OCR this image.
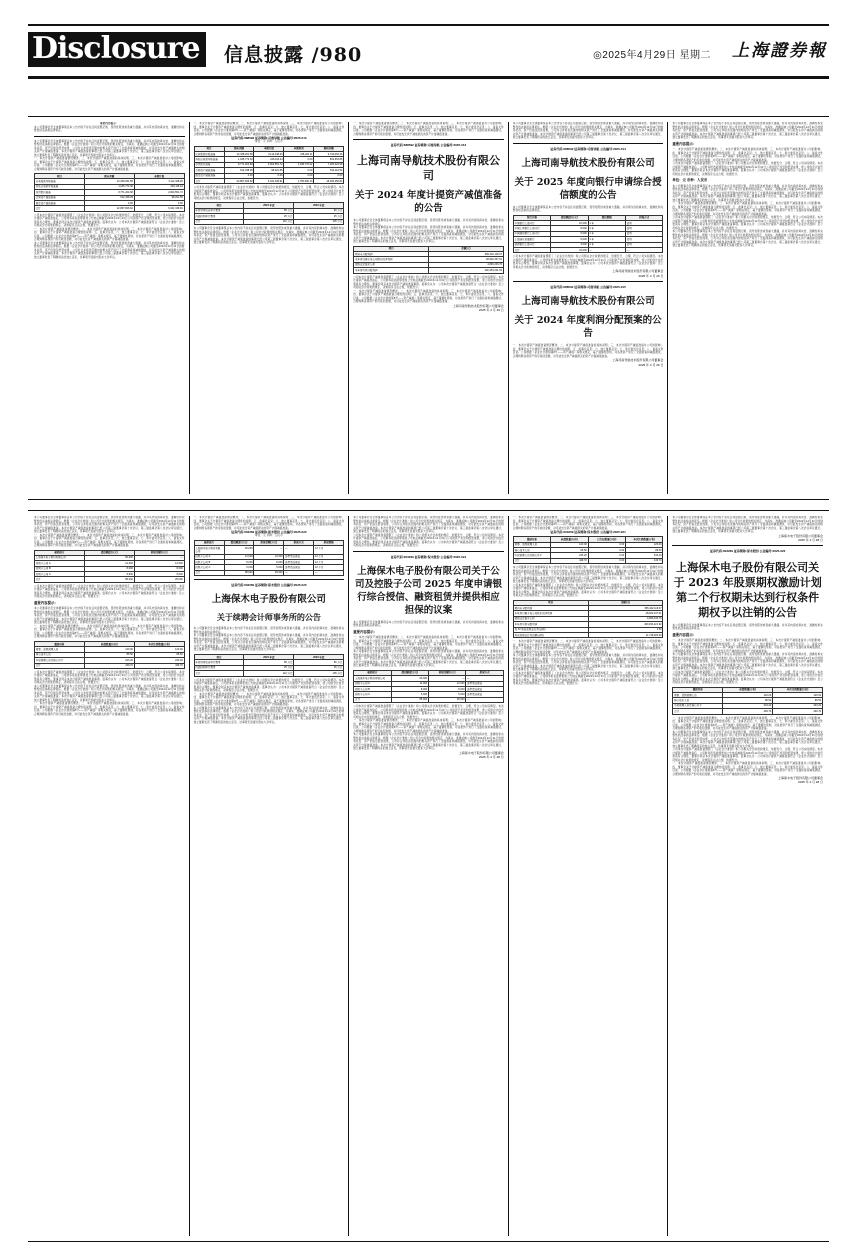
Disclosure	信息披露 /980	◎2025年4月29日 星期二 上海證券報
重要内容提示：
本公司董事会及全体董事保证本公告内容不存在任何虚假记载、误导性陈述或者重大遗漏，并对其内容的真实性、准确性和完整性依法承担法律责任。
本公司董事会及全体董事保证本公告内容不存在任何虚假记载、误导性陈述或者重大遗漏，并对其内容的真实性、准确性和完整性依法承担法律责任。根据《企业会计准则》和公司会计政策的相关规定，为真实、准确反映公司截至2024年12月31日的财务状况、资产价值及经营成果，公司对合并报表范围内的相关资产进行了全面清查和减值测试，对可能发生资产减值损失的相关资产计提减值准备。本次计提资产减值准备的事项已经公司第三届董事会第十次会议、第三届监事会第八次会议审议通过，独立董事发表了明确同意的独立意见，该事项无需提交股东大会审议。
一、本次计提资产减值准备情况概述；二、本次计提资产减值准备的具体说明；三、本次计提资产减值准备对公司的影响；四、董事会关于计提资产减值准备合理性的说明；五、监事会意见；六、独立董事意见；七、审计委员会意见；八、备查文件目录。公司根据《企业会计准则第8号——资产减值》等相关规定，基于谨慎性原则，对各类资产进行了全面检查和减值测试，合理判断各项资产的可收回金额，对可能发生资产减值损失的资产计提减值准备。
项目	期末余额	本期计提
应收账款坏账准备	12,438,291.55	3,112,448.20
其他应收款坏账准备	1,045,772.30	226,118.44
存货跌价准备	8,771,204.68	2,904,551.72
合同资产减值准备	612,338.09	98,221.55
固定资产减值准备	0.00	0.00
合计	22,867,606.62	6,341,339.91
公司本次计提资产减值准备遵照了《企业会计准则》和公司相关会计政策的规定，依据充分、合理，符合公司实际情况。本次计提资产减值准备后，公司财务报表能够更加公允地反映截至2024年12月31日公司的资产状况和经营成果，使公司的会计信息更具有合理性。董事会同意本次计提资产减值准备事项。监事会认为：公司本次计提资产减值准备符合《企业会计准则》及公司相关会计政策的规定，决策程序合法合规，依据充分。
一、本次计提资产减值准备情况概述；二、本次计提资产减值准备的具体说明；三、本次计提资产减值准备对公司的影响；四、董事会关于计提资产减值准备合理性的说明；五、监事会意见；六、独立董事意见；七、审计委员会意见；八、备查文件目录。公司根据《企业会计准则第8号——资产减值》等相关规定，基于谨慎性原则，对各类资产进行了全面检查和减值测试，合理判断各项资产的可收回金额，对可能发生资产减值损失的资产计提减值准备。
本公司董事会及全体董事保证本公告内容不存在任何虚假记载、误导性陈述或者重大遗漏，并对其内容的真实性、准确性和完整性依法承担法律责任。根据《企业会计准则》和公司会计政策的相关规定，为真实、准确反映公司截至2024年12月31日的财务状况、资产价值及经营成果，公司对合并报表范围内的相关资产进行了全面清查和减值测试，对可能发生资产减值损失的相关资产计提减值准备。本次计提资产减值准备的事项已经公司第三届董事会第十次会议、第三届监事会第八次会议审议通过，独立董事发表了明确同意的独立意见，该事项无需提交股东大会审议。
一、本次计提资产减值准备情况概述；二、本次计提资产减值准备的具体说明；三、本次计提资产减值准备对公司的影响；四、董事会关于计提资产减值准备合理性的说明；五、监事会意见；六、独立董事意见；七、审计委员会意见；八、备查文件目录。公司根据《企业会计准则第8号——资产减值》等相关规定，基于谨慎性原则，对各类资产进行了全面检查和减值测试，合理判断各项资产的可收回金额，对可能发生资产减值损失的资产计提减值准备。
证券代码:688592 证券简称:司南导航 公告编号:2025-013
单位：元 币种：人民币
项目	期末余额	本期计提	本期转回	期初余额
应收账款坏账准备	12,438,291.55	3,112,448.20	418,220.11	9,744,063.46
其他应收款坏账准备	1,045,772.30	226,118.44	0.00	819,653.86
存货跌价准备	8,771,204.68	2,904,551.72	1,338,770.02	7,205,422.98
合同资产减值准备	612,338.09	98,221.55	0.00	514,116.54
固定资产减值准备	0.00	0.00	0.00	0.00
合计	22,867,606.62	6,341,339.91	1,756,990.13	18,283,256.84
公司本次计提资产减值准备遵照了《企业会计准则》和公司相关会计政策的规定，依据充分、合理，符合公司实际情况。本次计提资产减值准备后，公司财务报表能够更加公允地反映截至2024年12月31日公司的资产状况和经营成果，使公司的会计信息更具有合理性。董事会同意本次计提资产减值准备事项。监事会认为：公司本次计提资产减值准备符合《企业会计准则》及公司相关会计政策的规定，决策程序合法合规，依据充分。
项目	2024 年度	2023 年度
年度财务报告审计费用	85 万元	80 万元
内部控制审计费用	25 万元	25 万元
合计	110 万元	105 万元
本公司董事会及全体董事保证本公告内容不存在任何虚假记载、误导性陈述或者重大遗漏，并对其内容的真实性、准确性和完整性依法承担法律责任。根据《企业会计准则》和公司会计政策的相关规定，为真实、准确反映公司截至2024年12月31日的财务状况、资产价值及经营成果，公司对合并报表范围内的相关资产进行了全面清查和减值测试，对可能发生资产减值损失的相关资产计提减值准备。本次计提资产减值准备的事项已经公司第三届董事会第十次会议、第三届监事会第八次会议审议通过，独立董事发表了明确同意的独立意见，该事项无需提交股东大会审议。
一、本次计提资产减值准备情况概述；二、本次计提资产减值准备的具体说明；三、本次计提资产减值准备对公司的影响；四、董事会关于计提资产减值准备合理性的说明；五、监事会意见；六、独立董事意见；七、审计委员会意见；八、备查文件目录。公司根据《企业会计准则第8号——资产减值》等相关规定，基于谨慎性原则，对各类资产进行了全面检查和减值测试，合理判断各项资产的可收回金额，对可能发生资产减值损失的资产计提减值准备。
证券代码:688592 证券简称:司南导航 公告编号:2025-013
上海司南导航技术股份有限公司
关于 2024 年度计提资产减值准备的公告
本公司董事会及全体董事保证本公告内容不存在任何虚假记载、误导性陈述或者重大遗漏，并对其内容的真实性、准确性和完整性依法承担法律责任。
本公司董事会及全体董事保证本公告内容不存在任何虚假记载、误导性陈述或者重大遗漏，并对其内容的真实性、准确性和完整性依法承担法律责任。根据《企业会计准则》和公司会计政策的相关规定，为真实、准确反映公司截至2024年12月31日的财务状况、资产价值及经营成果，公司对合并报表范围内的相关资产进行了全面清查和减值测试，对可能发生资产减值损失的相关资产计提减值准备。本次计提资产减值准备的事项已经公司第三届董事会第十次会议、第三届监事会第八次会议审议通过，独立董事发表了明确同意的独立意见，该事项无需提交股东大会审议。
项目	金额(元)
期初未分配利润	356,442,118.07
本年度归属于母公司股东的净利润	48,902,337.61
提取法定盈余公积	4,890,233.76
本年度可供分配利润	400,454,221.92
公司本次计提资产减值准备遵照了《企业会计准则》和公司相关会计政策的规定，依据充分、合理，符合公司实际情况。本次计提资产减值准备后，公司财务报表能够更加公允地反映截至2024年12月31日公司的资产状况和经营成果，使公司的会计信息更具有合理性。董事会同意本次计提资产减值准备事项。监事会认为：公司本次计提资产减值准备符合《企业会计准则》及公司相关会计政策的规定，决策程序合法合规，依据充分。
一、本次计提资产减值准备情况概述；二、本次计提资产减值准备的具体说明；三、本次计提资产减值准备对公司的影响；四、董事会关于计提资产减值准备合理性的说明；五、监事会意见；六、独立董事意见；七、审计委员会意见；八、备查文件目录。公司根据《企业会计准则第8号——资产减值》等相关规定，基于谨慎性原则，对各类资产进行了全面检查和减值测试，合理判断各项资产的可收回金额，对可能发生资产减值损失的资产计提减值准备。
上海司南导航技术股份有限公司董事会
2025 年 4 月 29 日
本公司董事会及全体董事保证本公告内容不存在任何虚假记载、误导性陈述或者重大遗漏，并对其内容的真实性、准确性和完整性依法承担法律责任。根据《企业会计准则》和公司会计政策的相关规定，为真实、准确反映公司截至2024年12月31日的财务状况、资产价值及经营成果，公司对合并报表范围内的相关资产进行了全面清查和减值测试，对可能发生资产减值损失的相关资产计提减值准备。本次计提资产减值准备的事项已经公司第三届董事会第十次会议、第三届监事会第八次会议审议通过，独立董事发表了明确同意的独立意见，该事项无需提交股东大会审议。
证券代码:688592 证券简称:司南导航 公告编号:2025-014
上海司南导航技术股份有限公司
关于 2025 年度向银行申请综合授信额度的公告
本公司董事会及全体董事保证本公告内容不存在任何虚假记载、误导性陈述或者重大遗漏，并对其内容的真实性、准确性和完整性依法承担法律责任。
银行名称	授信额度(万元)	授信期限	担保方式
中国银行上海分行	10,000	1 年	信用
中国工商银行上海分行	8,000	1 年	信用
中国建设银行上海分行	5,000	1 年	信用
上海浦东发展银行	5,000	1 年	信用
招商银行上海分行	3,000	1 年	信用
合计	31,000	—	—
公司本次计提资产减值准备遵照了《企业会计准则》和公司相关会计政策的规定，依据充分、合理，符合公司实际情况。本次计提资产减值准备后，公司财务报表能够更加公允地反映截至2024年12月31日公司的资产状况和经营成果，使公司的会计信息更具有合理性。董事会同意本次计提资产减值准备事项。监事会认为：公司本次计提资产减值准备符合《企业会计准则》及公司相关会计政策的规定，决策程序合法合规，依据充分。
上海司南导航技术股份有限公司董事会
2025 年 4 月 29 日
证券代码:688592 证券简称:司南导航 公告编号:2025-015
上海司南导航技术股份有限公司
关于 2024 年度利润分配预案的公告
一、本次计提资产减值准备情况概述；二、本次计提资产减值准备的具体说明；三、本次计提资产减值准备对公司的影响；四、董事会关于计提资产减值准备合理性的说明；五、监事会意见；六、独立董事意见；七、审计委员会意见；八、备查文件目录。公司根据《企业会计准则第8号——资产减值》等相关规定，基于谨慎性原则，对各类资产进行了全面检查和减值测试，合理判断各项资产的可收回金额，对可能发生资产减值损失的资产计提减值准备。
上海司南导航技术股份有限公司董事会
2025 年 4 月 29 日
本公司董事会及全体董事保证本公告内容不存在任何虚假记载、误导性陈述或者重大遗漏，并对其内容的真实性、准确性和完整性依法承担法律责任。根据《企业会计准则》和公司会计政策的相关规定，为真实、准确反映公司截至2024年12月31日的财务状况、资产价值及经营成果，公司对合并报表范围内的相关资产进行了全面清查和减值测试，对可能发生资产减值损失的相关资产计提减值准备。本次计提资产减值准备的事项已经公司第三届董事会第十次会议、第三届监事会第八次会议审议通过，独立董事发表了明确同意的独立意见，该事项无需提交股东大会审议。
重要内容提示：
一、本次计提资产减值准备情况概述；二、本次计提资产减值准备的具体说明；三、本次计提资产减值准备对公司的影响；四、董事会关于计提资产减值准备合理性的说明；五、监事会意见；六、独立董事意见；七、审计委员会意见；八、备查文件目录。公司根据《企业会计准则第8号——资产减值》等相关规定，基于谨慎性原则，对各类资产进行了全面检查和减值测试，合理判断各项资产的可收回金额，对可能发生资产减值损失的资产计提减值准备。
公司本次计提资产减值准备遵照了《企业会计准则》和公司相关会计政策的规定，依据充分、合理，符合公司实际情况。本次计提资产减值准备后，公司财务报表能够更加公允地反映截至2024年12月31日公司的资产状况和经营成果，使公司的会计信息更具有合理性。董事会同意本次计提资产减值准备事项。监事会认为：公司本次计提资产减值准备符合《企业会计准则》及公司相关会计政策的规定，决策程序合法合规，依据充分。
单位：元 币种：人民币
本公司董事会及全体董事保证本公告内容不存在任何虚假记载、误导性陈述或者重大遗漏，并对其内容的真实性、准确性和完整性依法承担法律责任。根据《企业会计准则》和公司会计政策的相关规定，为真实、准确反映公司截至2024年12月31日的财务状况、资产价值及经营成果，公司对合并报表范围内的相关资产进行了全面清查和减值测试，对可能发生资产减值损失的相关资产计提减值准备。本次计提资产减值准备的事项已经公司第三届董事会第十次会议、第三届监事会第八次会议审议通过，独立董事发表了明确同意的独立意见，该事项无需提交股东大会审议。
一、本次计提资产减值准备情况概述；二、本次计提资产减值准备的具体说明；三、本次计提资产减值准备对公司的影响；四、董事会关于计提资产减值准备合理性的说明；五、监事会意见；六、独立董事意见；七、审计委员会意见；八、备查文件目录。公司根据《企业会计准则第8号——资产减值》等相关规定，基于谨慎性原则，对各类资产进行了全面检查和减值测试，合理判断各项资产的可收回金额，对可能发生资产减值损失的资产计提减值准备。
公司本次计提资产减值准备遵照了《企业会计准则》和公司相关会计政策的规定，依据充分、合理，符合公司实际情况。本次计提资产减值准备后，公司财务报表能够更加公允地反映截至2024年12月31日公司的资产状况和经营成果，使公司的会计信息更具有合理性。董事会同意本次计提资产减值准备事项。监事会认为：公司本次计提资产减值准备符合《企业会计准则》及公司相关会计政策的规定，决策程序合法合规，依据充分。
本公司董事会及全体董事保证本公告内容不存在任何虚假记载、误导性陈述或者重大遗漏，并对其内容的真实性、准确性和完整性依法承担法律责任。根据《企业会计准则》和公司会计政策的相关规定，为真实、准确反映公司截至2024年12月31日的财务状况、资产价值及经营成果，公司对合并报表范围内的相关资产进行了全面清查和减值测试，对可能发生资产减值损失的相关资产计提减值准备。本次计提资产减值准备的事项已经公司第三届董事会第十次会议、第三届监事会第八次会议审议通过，独立董事发表了明确同意的独立意见，该事项无需提交股东大会审议。
本公司董事会及全体董事保证本公告内容不存在任何虚假记载、误导性陈述或者重大遗漏，并对其内容的真实性、准确性和完整性依法承担法律责任。根据《企业会计准则》和公司会计政策的相关规定，为真实、准确反映公司截至2024年12月31日的财务状况、资产价值及经营成果，公司对合并报表范围内的相关资产进行了全面清查和减值测试，对可能发生资产减值损失的相关资产计提减值准备。本次计提资产减值准备的事项已经公司第三届董事会第十次会议、第三届监事会第八次会议审议通过，独立董事发表了明确同意的独立意见，该事项无需提交股东大会审议。
一、本次计提资产减值准备情况概述；二、本次计提资产减值准备的具体说明；三、本次计提资产减值准备对公司的影响；四、董事会关于计提资产减值准备合理性的说明；五、监事会意见；六、独立董事意见；七、审计委员会意见；八、备查文件目录。公司根据《企业会计准则第8号——资产减值》等相关规定，基于谨慎性原则，对各类资产进行了全面检查和减值测试，合理判断各项资产的可收回金额，对可能发生资产减值损失的资产计提减值准备。
被担保方	授信额度(万元)	担保金额(万元)
上海保木电子股份有限公司	60,000	—
控股子公司 A	12,000	12,000
控股子公司 B	8,000	8,000
控股子公司 C	5,000	5,000
合计	85,000	25,000
公司本次计提资产减值准备遵照了《企业会计准则》和公司相关会计政策的规定，依据充分、合理，符合公司实际情况。本次计提资产减值准备后，公司财务报表能够更加公允地反映截至2024年12月31日公司的资产状况和经营成果，使公司的会计信息更具有合理性。董事会同意本次计提资产减值准备事项。监事会认为：公司本次计提资产减值准备符合《企业会计准则》及公司相关会计政策的规定，决策程序合法合规，依据充分。
重要内容提示：
本公司董事会及全体董事保证本公告内容不存在任何虚假记载、误导性陈述或者重大遗漏，并对其内容的真实性、准确性和完整性依法承担法律责任。根据《企业会计准则》和公司会计政策的相关规定，为真实、准确反映公司截至2024年12月31日的财务状况、资产价值及经营成果，公司对合并报表范围内的相关资产进行了全面清查和减值测试，对可能发生资产减值损失的相关资产计提减值准备。本次计提资产减值准备的事项已经公司第三届董事会第十次会议、第三届监事会第八次会议审议通过，独立董事发表了明确同意的独立意见，该事项无需提交股东大会审议。
一、本次计提资产减值准备情况概述；二、本次计提资产减值准备的具体说明；三、本次计提资产减值准备对公司的影响；四、董事会关于计提资产减值准备合理性的说明；五、监事会意见；六、独立董事意见；七、审计委员会意见；八、备查文件目录。公司根据《企业会计准则第8号——资产减值》等相关规定，基于谨慎性原则，对各类资产进行了全面检查和减值测试，合理判断各项资产的可收回金额，对可能发生资产减值损失的资产计提减值准备。
激励对象	获授数量(万份)	本次注销数量(万份)
董事、高级管理人员	120.00	120.00
核心技术人员	86.50	86.50
中层管理人员及核心骨干	243.20	243.20
合计	449.70	449.70
公司本次计提资产减值准备遵照了《企业会计准则》和公司相关会计政策的规定，依据充分、合理，符合公司实际情况。本次计提资产减值准备后，公司财务报表能够更加公允地反映截至2024年12月31日公司的资产状况和经营成果，使公司的会计信息更具有合理性。董事会同意本次计提资产减值准备事项。监事会认为：公司本次计提资产减值准备符合《企业会计准则》及公司相关会计政策的规定，决策程序合法合规，依据充分。
本公司董事会及全体董事保证本公告内容不存在任何虚假记载、误导性陈述或者重大遗漏，并对其内容的真实性、准确性和完整性依法承担法律责任。根据《企业会计准则》和公司会计政策的相关规定，为真实、准确反映公司截至2024年12月31日的财务状况、资产价值及经营成果，公司对合并报表范围内的相关资产进行了全面清查和减值测试，对可能发生资产减值损失的相关资产计提减值准备。本次计提资产减值准备的事项已经公司第三届董事会第十次会议、第三届监事会第八次会议审议通过，独立董事发表了明确同意的独立意见，该事项无需提交股东大会审议。
一、本次计提资产减值准备情况概述；二、本次计提资产减值准备的具体说明；三、本次计提资产减值准备对公司的影响；四、董事会关于计提资产减值准备合理性的说明；五、监事会意见；六、独立董事意见；七、审计委员会意见；八、备查文件目录。公司根据《企业会计准则第8号——资产减值》等相关规定，基于谨慎性原则，对各类资产进行了全面检查和减值测试，合理判断各项资产的可收回金额，对可能发生资产减值损失的资产计提减值准备。
一、本次计提资产减值准备情况概述；二、本次计提资产减值准备的具体说明；三、本次计提资产减值准备对公司的影响；四、董事会关于计提资产减值准备合理性的说明；五、监事会意见；六、独立董事意见；七、审计委员会意见；八、备查文件目录。公司根据《企业会计准则第8号——资产减值》等相关规定，基于谨慎性原则，对各类资产进行了全面检查和减值测试，合理判断各项资产的可收回金额，对可能发生资产减值损失的资产计提减值准备。
证券代码:603269 证券简称:保木股份 公告编号:2025-020
单位：元 币种：人民币
被担保方	授信额度(万元)	担保金额(万元)	担保方式	担保期限
上海保木电子股份有限公司	60,000	—	—	12 个月
控股子公司 A	12,000	12,000	连带责任保证	12 个月
控股子公司 B	8,000	8,000	连带责任保证	12 个月
控股子公司 C	5,000	5,000	连带责任保证	12 个月
合计	85,000	25,000	—	—
证券代码:603269 证券简称:保木股份 公告编号:2025-020
上海保木电子股份有限公司
关于续聘会计师事务所的公告
本公司董事会及全体董事保证本公告内容不存在任何虚假记载、误导性陈述或者重大遗漏，并对其内容的真实性、准确性和完整性依法承担法律责任。
本公司董事会及全体董事保证本公告内容不存在任何虚假记载、误导性陈述或者重大遗漏，并对其内容的真实性、准确性和完整性依法承担法律责任。根据《企业会计准则》和公司会计政策的相关规定，为真实、准确反映公司截至2024年12月31日的财务状况、资产价值及经营成果，公司对合并报表范围内的相关资产进行了全面清查和减值测试，对可能发生资产减值损失的相关资产计提减值准备。本次计提资产减值准备的事项已经公司第三届董事会第十次会议、第三届监事会第八次会议审议通过，独立董事发表了明确同意的独立意见，该事项无需提交股东大会审议。
项目	2024 年度	2023 年度
年度财务报告审计费用	85 万元	80 万元
内部控制审计费用	25 万元	25 万元
合计	110 万元	105 万元
公司本次计提资产减值准备遵照了《企业会计准则》和公司相关会计政策的规定，依据充分、合理，符合公司实际情况。本次计提资产减值准备后，公司财务报表能够更加公允地反映截至2024年12月31日公司的资产状况和经营成果，使公司的会计信息更具有合理性。董事会同意本次计提资产减值准备事项。监事会认为：公司本次计提资产减值准备符合《企业会计准则》及公司相关会计政策的规定，决策程序合法合规，依据充分。
一、本次计提资产减值准备情况概述；二、本次计提资产减值准备的具体说明；三、本次计提资产减值准备对公司的影响；四、董事会关于计提资产减值准备合理性的说明；五、监事会意见；六、独立董事意见；七、审计委员会意见；八、备查文件目录。公司根据《企业会计准则第8号——资产减值》等相关规定，基于谨慎性原则，对各类资产进行了全面检查和减值测试，合理判断各项资产的可收回金额，对可能发生资产减值损失的资产计提减值准备。
本公司董事会及全体董事保证本公告内容不存在任何虚假记载、误导性陈述或者重大遗漏，并对其内容的真实性、准确性和完整性依法承担法律责任。根据《企业会计准则》和公司会计政策的相关规定，为真实、准确反映公司截至2024年12月31日的财务状况、资产价值及经营成果，公司对合并报表范围内的相关资产进行了全面清查和减值测试，对可能发生资产减值损失的相关资产计提减值准备。本次计提资产减值准备的事项已经公司第三届董事会第十次会议、第三届监事会第八次会议审议通过，独立董事发表了明确同意的独立意见，该事项无需提交股东大会审议。
本公司董事会及全体董事保证本公告内容不存在任何虚假记载、误导性陈述或者重大遗漏，并对其内容的真实性、准确性和完整性依法承担法律责任。根据《企业会计准则》和公司会计政策的相关规定，为真实、准确反映公司截至2024年12月31日的财务状况、资产价值及经营成果，公司对合并报表范围内的相关资产进行了全面清查和减值测试，对可能发生资产减值损失的相关资产计提减值准备。本次计提资产减值准备的事项已经公司第三届董事会第十次会议、第三届监事会第八次会议审议通过，独立董事发表了明确同意的独立意见，该事项无需提交股东大会审议。
公司本次计提资产减值准备遵照了《企业会计准则》和公司相关会计政策的规定，依据充分、合理，符合公司实际情况。本次计提资产减值准备后，公司财务报表能够更加公允地反映截至2024年12月31日公司的资产状况和经营成果，使公司的会计信息更具有合理性。董事会同意本次计提资产减值准备事项。监事会认为：公司本次计提资产减值准备符合《企业会计准则》及公司相关会计政策的规定，决策程序合法合规，依据充分。
证券代码:603269 证券简称:保木股份 公告编号:2025-021
上海保木电子股份有限公司关于公司及控股子公司 2025 年度申请银行综合授信、融资租赁并提供相应担保的议案
本公司董事会及全体董事保证本公告内容不存在任何虚假记载、误导性陈述或者重大遗漏，并对其内容的真实性、准确性和完整性依法承担法律责任。
重要内容提示：
一、本次计提资产减值准备情况概述；二、本次计提资产减值准备的具体说明；三、本次计提资产减值准备对公司的影响；四、董事会关于计提资产减值准备合理性的说明；五、监事会意见；六、独立董事意见；七、审计委员会意见；八、备查文件目录。公司根据《企业会计准则第8号——资产减值》等相关规定，基于谨慎性原则，对各类资产进行了全面检查和减值测试，合理判断各项资产的可收回金额，对可能发生资产减值损失的资产计提减值准备。
本公司董事会及全体董事保证本公告内容不存在任何虚假记载、误导性陈述或者重大遗漏，并对其内容的真实性、准确性和完整性依法承担法律责任。根据《企业会计准则》和公司会计政策的相关规定，为真实、准确反映公司截至2024年12月31日的财务状况、资产价值及经营成果，公司对合并报表范围内的相关资产进行了全面清查和减值测试，对可能发生资产减值损失的相关资产计提减值准备。本次计提资产减值准备的事项已经公司第三届董事会第十次会议、第三届监事会第八次会议审议通过，独立董事发表了明确同意的独立意见，该事项无需提交股东大会审议。
被担保方	授信额度(万元)	担保金额(万元)	担保方式
上海保木电子股份有限公司	60,000	—	—
控股子公司 A	12,000	12,000	连带责任保证
控股子公司 B	8,000	8,000	连带责任保证
控股子公司 C	5,000	5,000	连带责任保证
合计	85,000	25,000	—
公司本次计提资产减值准备遵照了《企业会计准则》和公司相关会计政策的规定，依据充分、合理，符合公司实际情况。本次计提资产减值准备后，公司财务报表能够更加公允地反映截至2024年12月31日公司的资产状况和经营成果，使公司的会计信息更具有合理性。董事会同意本次计提资产减值准备事项。监事会认为：公司本次计提资产减值准备符合《企业会计准则》及公司相关会计政策的规定，决策程序合法合规，依据充分。
一、本次计提资产减值准备情况概述；二、本次计提资产减值准备的具体说明；三、本次计提资产减值准备对公司的影响；四、董事会关于计提资产减值准备合理性的说明；五、监事会意见；六、独立董事意见；七、审计委员会意见；八、备查文件目录。公司根据《企业会计准则第8号——资产减值》等相关规定，基于谨慎性原则，对各类资产进行了全面检查和减值测试，合理判断各项资产的可收回金额，对可能发生资产减值损失的资产计提减值准备。
本公司董事会及全体董事保证本公告内容不存在任何虚假记载、误导性陈述或者重大遗漏，并对其内容的真实性、准确性和完整性依法承担法律责任。根据《企业会计准则》和公司会计政策的相关规定，为真实、准确反映公司截至2024年12月31日的财务状况、资产价值及经营成果，公司对合并报表范围内的相关资产进行了全面清查和减值测试，对可能发生资产减值损失的相关资产计提减值准备。本次计提资产减值准备的事项已经公司第三届董事会第十次会议、第三届监事会第八次会议审议通过，独立董事发表了明确同意的独立意见，该事项无需提交股东大会审议。
上海保木电子股份有限公司董事会
2025 年 4 月 28 日
一、本次计提资产减值准备情况概述；二、本次计提资产减值准备的具体说明；三、本次计提资产减值准备对公司的影响；四、董事会关于计提资产减值准备合理性的说明；五、监事会意见；六、独立董事意见；七、审计委员会意见；八、备查文件目录。公司根据《企业会计准则第8号——资产减值》等相关规定，基于谨慎性原则，对各类资产进行了全面检查和减值测试，合理判断各项资产的可收回金额，对可能发生资产减值损失的资产计提减值准备。
证券代码:603269 证券简称:保木股份 公告编号:2025-021
激励对象	获授数量(万份)	已行权数量(万份)	本次注销数量(万份)
董事、高级管理人员	120.00	0.00	120.00
核心技术人员	86.50	0.00	86.50
中层管理人员及核心骨干	243.20	0.00	243.20
合计	449.70	0.00	449.70
本公司董事会及全体董事保证本公告内容不存在任何虚假记载、误导性陈述或者重大遗漏，并对其内容的真实性、准确性和完整性依法承担法律责任。根据《企业会计准则》和公司会计政策的相关规定，为真实、准确反映公司截至2024年12月31日的财务状况、资产价值及经营成果，公司对合并报表范围内的相关资产进行了全面清查和减值测试，对可能发生资产减值损失的相关资产计提减值准备。本次计提资产减值准备的事项已经公司第三届董事会第十次会议、第三届监事会第八次会议审议通过，独立董事发表了明确同意的独立意见，该事项无需提交股东大会审议。
公司本次计提资产减值准备遵照了《企业会计准则》和公司相关会计政策的规定，依据充分、合理，符合公司实际情况。本次计提资产减值准备后，公司财务报表能够更加公允地反映截至2024年12月31日公司的资产状况和经营成果，使公司的会计信息更具有合理性。董事会同意本次计提资产减值准备事项。监事会认为：公司本次计提资产减值准备符合《企业会计准则》及公司相关会计政策的规定，决策程序合法合规，依据充分。
项目	金额(元)
期初未分配利润	356,442,118.07
本年度归属于母公司股东的净利润	48,902,337.61
提取法定盈余公积	4,890,233.76
本年度可供分配利润	400,454,221.92
每 10 股派发现金红利(含税)	1.50
拟派发现金红利总额(含税)	11,748,000.00
一、本次计提资产减值准备情况概述；二、本次计提资产减值准备的具体说明；三、本次计提资产减值准备对公司的影响；四、董事会关于计提资产减值准备合理性的说明；五、监事会意见；六、独立董事意见；七、审计委员会意见；八、备查文件目录。公司根据《企业会计准则第8号——资产减值》等相关规定，基于谨慎性原则，对各类资产进行了全面检查和减值测试，合理判断各项资产的可收回金额，对可能发生资产减值损失的资产计提减值准备。
本公司董事会及全体董事保证本公告内容不存在任何虚假记载、误导性陈述或者重大遗漏，并对其内容的真实性、准确性和完整性依法承担法律责任。根据《企业会计准则》和公司会计政策的相关规定，为真实、准确反映公司截至2024年12月31日的财务状况、资产价值及经营成果，公司对合并报表范围内的相关资产进行了全面清查和减值测试，对可能发生资产减值损失的相关资产计提减值准备。本次计提资产减值准备的事项已经公司第三届董事会第十次会议、第三届监事会第八次会议审议通过，独立董事发表了明确同意的独立意见，该事项无需提交股东大会审议。
公司本次计提资产减值准备遵照了《企业会计准则》和公司相关会计政策的规定，依据充分、合理，符合公司实际情况。本次计提资产减值准备后，公司财务报表能够更加公允地反映截至2024年12月31日公司的资产状况和经营成果，使公司的会计信息更具有合理性。董事会同意本次计提资产减值准备事项。监事会认为：公司本次计提资产减值准备符合《企业会计准则》及公司相关会计政策的规定，决策程序合法合规，依据充分。
本公司董事会及全体董事保证本公告内容不存在任何虚假记载、误导性陈述或者重大遗漏，并对其内容的真实性、准确性和完整性依法承担法律责任。根据《企业会计准则》和公司会计政策的相关规定，为真实、准确反映公司截至2024年12月31日的财务状况、资产价值及经营成果，公司对合并报表范围内的相关资产进行了全面清查和减值测试，对可能发生资产减值损失的相关资产计提减值准备。本次计提资产减值准备的事项已经公司第三届董事会第十次会议、第三届监事会第八次会议审议通过，独立董事发表了明确同意的独立意见，该事项无需提交股东大会审议。
上海保木电子股份有限公司董事会
2025 年 4 月 28 日
证券代码:603269 证券简称:保木股份 公告编号:2025-022
上海保木电子股份有限公司关于 2023 年股票期权激励计划第二个行权期未达到行权条件期权予以注销的公告
本公司董事会及全体董事保证本公告内容不存在任何虚假记载、误导性陈述或者重大遗漏，并对其内容的真实性、准确性和完整性依法承担法律责任。
重要内容提示：
一、本次计提资产减值准备情况概述；二、本次计提资产减值准备的具体说明；三、本次计提资产减值准备对公司的影响；四、董事会关于计提资产减值准备合理性的说明；五、监事会意见；六、独立董事意见；七、审计委员会意见；八、备查文件目录。公司根据《企业会计准则第8号——资产减值》等相关规定，基于谨慎性原则，对各类资产进行了全面检查和减值测试，合理判断各项资产的可收回金额，对可能发生资产减值损失的资产计提减值准备。
本公司董事会及全体董事保证本公告内容不存在任何虚假记载、误导性陈述或者重大遗漏，并对其内容的真实性、准确性和完整性依法承担法律责任。根据《企业会计准则》和公司会计政策的相关规定，为真实、准确反映公司截至2024年12月31日的财务状况、资产价值及经营成果，公司对合并报表范围内的相关资产进行了全面清查和减值测试，对可能发生资产减值损失的相关资产计提减值准备。本次计提资产减值准备的事项已经公司第三届董事会第十次会议、第三届监事会第八次会议审议通过，独立董事发表了明确同意的独立意见，该事项无需提交股东大会审议。
公司本次计提资产减值准备遵照了《企业会计准则》和公司相关会计政策的规定，依据充分、合理，符合公司实际情况。本次计提资产减值准备后，公司财务报表能够更加公允地反映截至2024年12月31日公司的资产状况和经营成果，使公司的会计信息更具有合理性。董事会同意本次计提资产减值准备事项。监事会认为：公司本次计提资产减值准备符合《企业会计准则》及公司相关会计政策的规定，决策程序合法合规，依据充分。
激励对象	获授数量(万份)	本次注销数量(万份)
董事、高级管理人员	120.00	120.00
核心技术人员	86.50	86.50
中层管理人员及核心骨干	243.20	243.20
合计	449.70	449.70
一、本次计提资产减值准备情况概述；二、本次计提资产减值准备的具体说明；三、本次计提资产减值准备对公司的影响；四、董事会关于计提资产减值准备合理性的说明；五、监事会意见；六、独立董事意见；七、审计委员会意见；八、备查文件目录。公司根据《企业会计准则第8号——资产减值》等相关规定，基于谨慎性原则，对各类资产进行了全面检查和减值测试，合理判断各项资产的可收回金额，对可能发生资产减值损失的资产计提减值准备。
本公司董事会及全体董事保证本公告内容不存在任何虚假记载、误导性陈述或者重大遗漏，并对其内容的真实性、准确性和完整性依法承担法律责任。根据《企业会计准则》和公司会计政策的相关规定，为真实、准确反映公司截至2024年12月31日的财务状况、资产价值及经营成果，公司对合并报表范围内的相关资产进行了全面清查和减值测试，对可能发生资产减值损失的相关资产计提减值准备。本次计提资产减值准备的事项已经公司第三届董事会第十次会议、第三届监事会第八次会议审议通过，独立董事发表了明确同意的独立意见，该事项无需提交股东大会审议。
公司本次计提资产减值准备遵照了《企业会计准则》和公司相关会计政策的规定，依据充分、合理，符合公司实际情况。本次计提资产减值准备后，公司财务报表能够更加公允地反映截至2024年12月31日公司的资产状况和经营成果，使公司的会计信息更具有合理性。董事会同意本次计提资产减值准备事项。监事会认为：公司本次计提资产减值准备符合《企业会计准则》及公司相关会计政策的规定，决策程序合法合规，依据充分。
一、本次计提资产减值准备情况概述；二、本次计提资产减值准备的具体说明；三、本次计提资产减值准备对公司的影响；四、董事会关于计提资产减值准备合理性的说明；五、监事会意见；六、独立董事意见；七、审计委员会意见；八、备查文件目录。公司根据《企业会计准则第8号——资产减值》等相关规定，基于谨慎性原则，对各类资产进行了全面检查和减值测试，合理判断各项资产的可收回金额，对可能发生资产减值损失的资产计提减值准备。
上海保木电子股份有限公司董事会
2025 年 4 月 28 日
